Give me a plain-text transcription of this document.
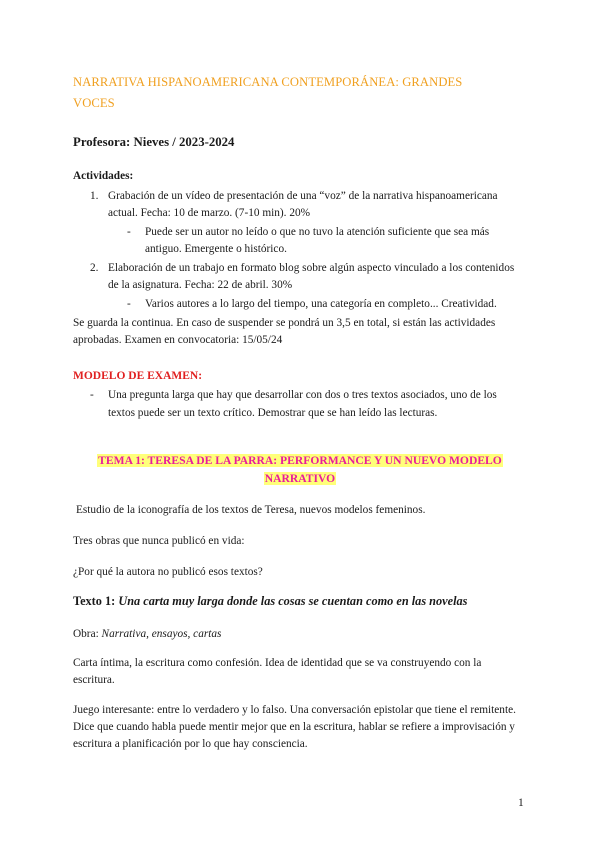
NARRATIVA HISPANOAMERICANA CONTEMPORÁNEA: GRANDES
VOCES
Profesora: Nieves / 2023-2024
Actividades:
1. Grabación de un vídeo de presentación de una “voz” de la narrativa hispanoamericana
actual. Fecha: 10 de marzo. (7-10 min). 20%
-	Puede ser un autor no leído o que no tuvo la atención suficiente que sea más
antiguo. Emergente o histórico.
2. Elaboración de un trabajo en formato blog sobre algún aspecto vinculado a los contenidos
de la asignatura. Fecha: 22 de abril. 30%
-	Varios autores a lo largo del tiempo, una categoría en completo... Creatividad.
Se guarda la continua. En caso de suspender se pondrá un 3,5 en total, si están las actividades
aprobadas. Examen en convocatoria: 15/05/24
MODELO DE EXAMEN:
-	Una pregunta larga que hay que desarrollar con dos o tres textos asociados, uno de los
textos puede ser un texto crítico. Demostrar que se han leído las lecturas.
TEMA 1: TERESA DE LA PARRA: PERFORMANCE Y UN NUEVO MODELO
NARRATIVO
Estudio de la iconografía de los textos de Teresa, nuevos modelos femeninos.
Tres obras que nunca publicó en vida:
¿Por qué la autora no publicó esos textos?
Texto 1: Una carta muy larga donde las cosas se cuentan como en las novelas
Obra: Narrativa, ensayos, cartas
Carta íntima, la escritura como confesión. Idea de identidad que se va construyendo con la
escritura.
Juego interesante: entre lo verdadero y lo falso. Una conversación epistolar que tiene el remitente.
Dice que cuando habla puede mentir mejor que en la escritura, hablar se refiere a improvisación y
escritura a planificación por lo que hay consciencia.
1
